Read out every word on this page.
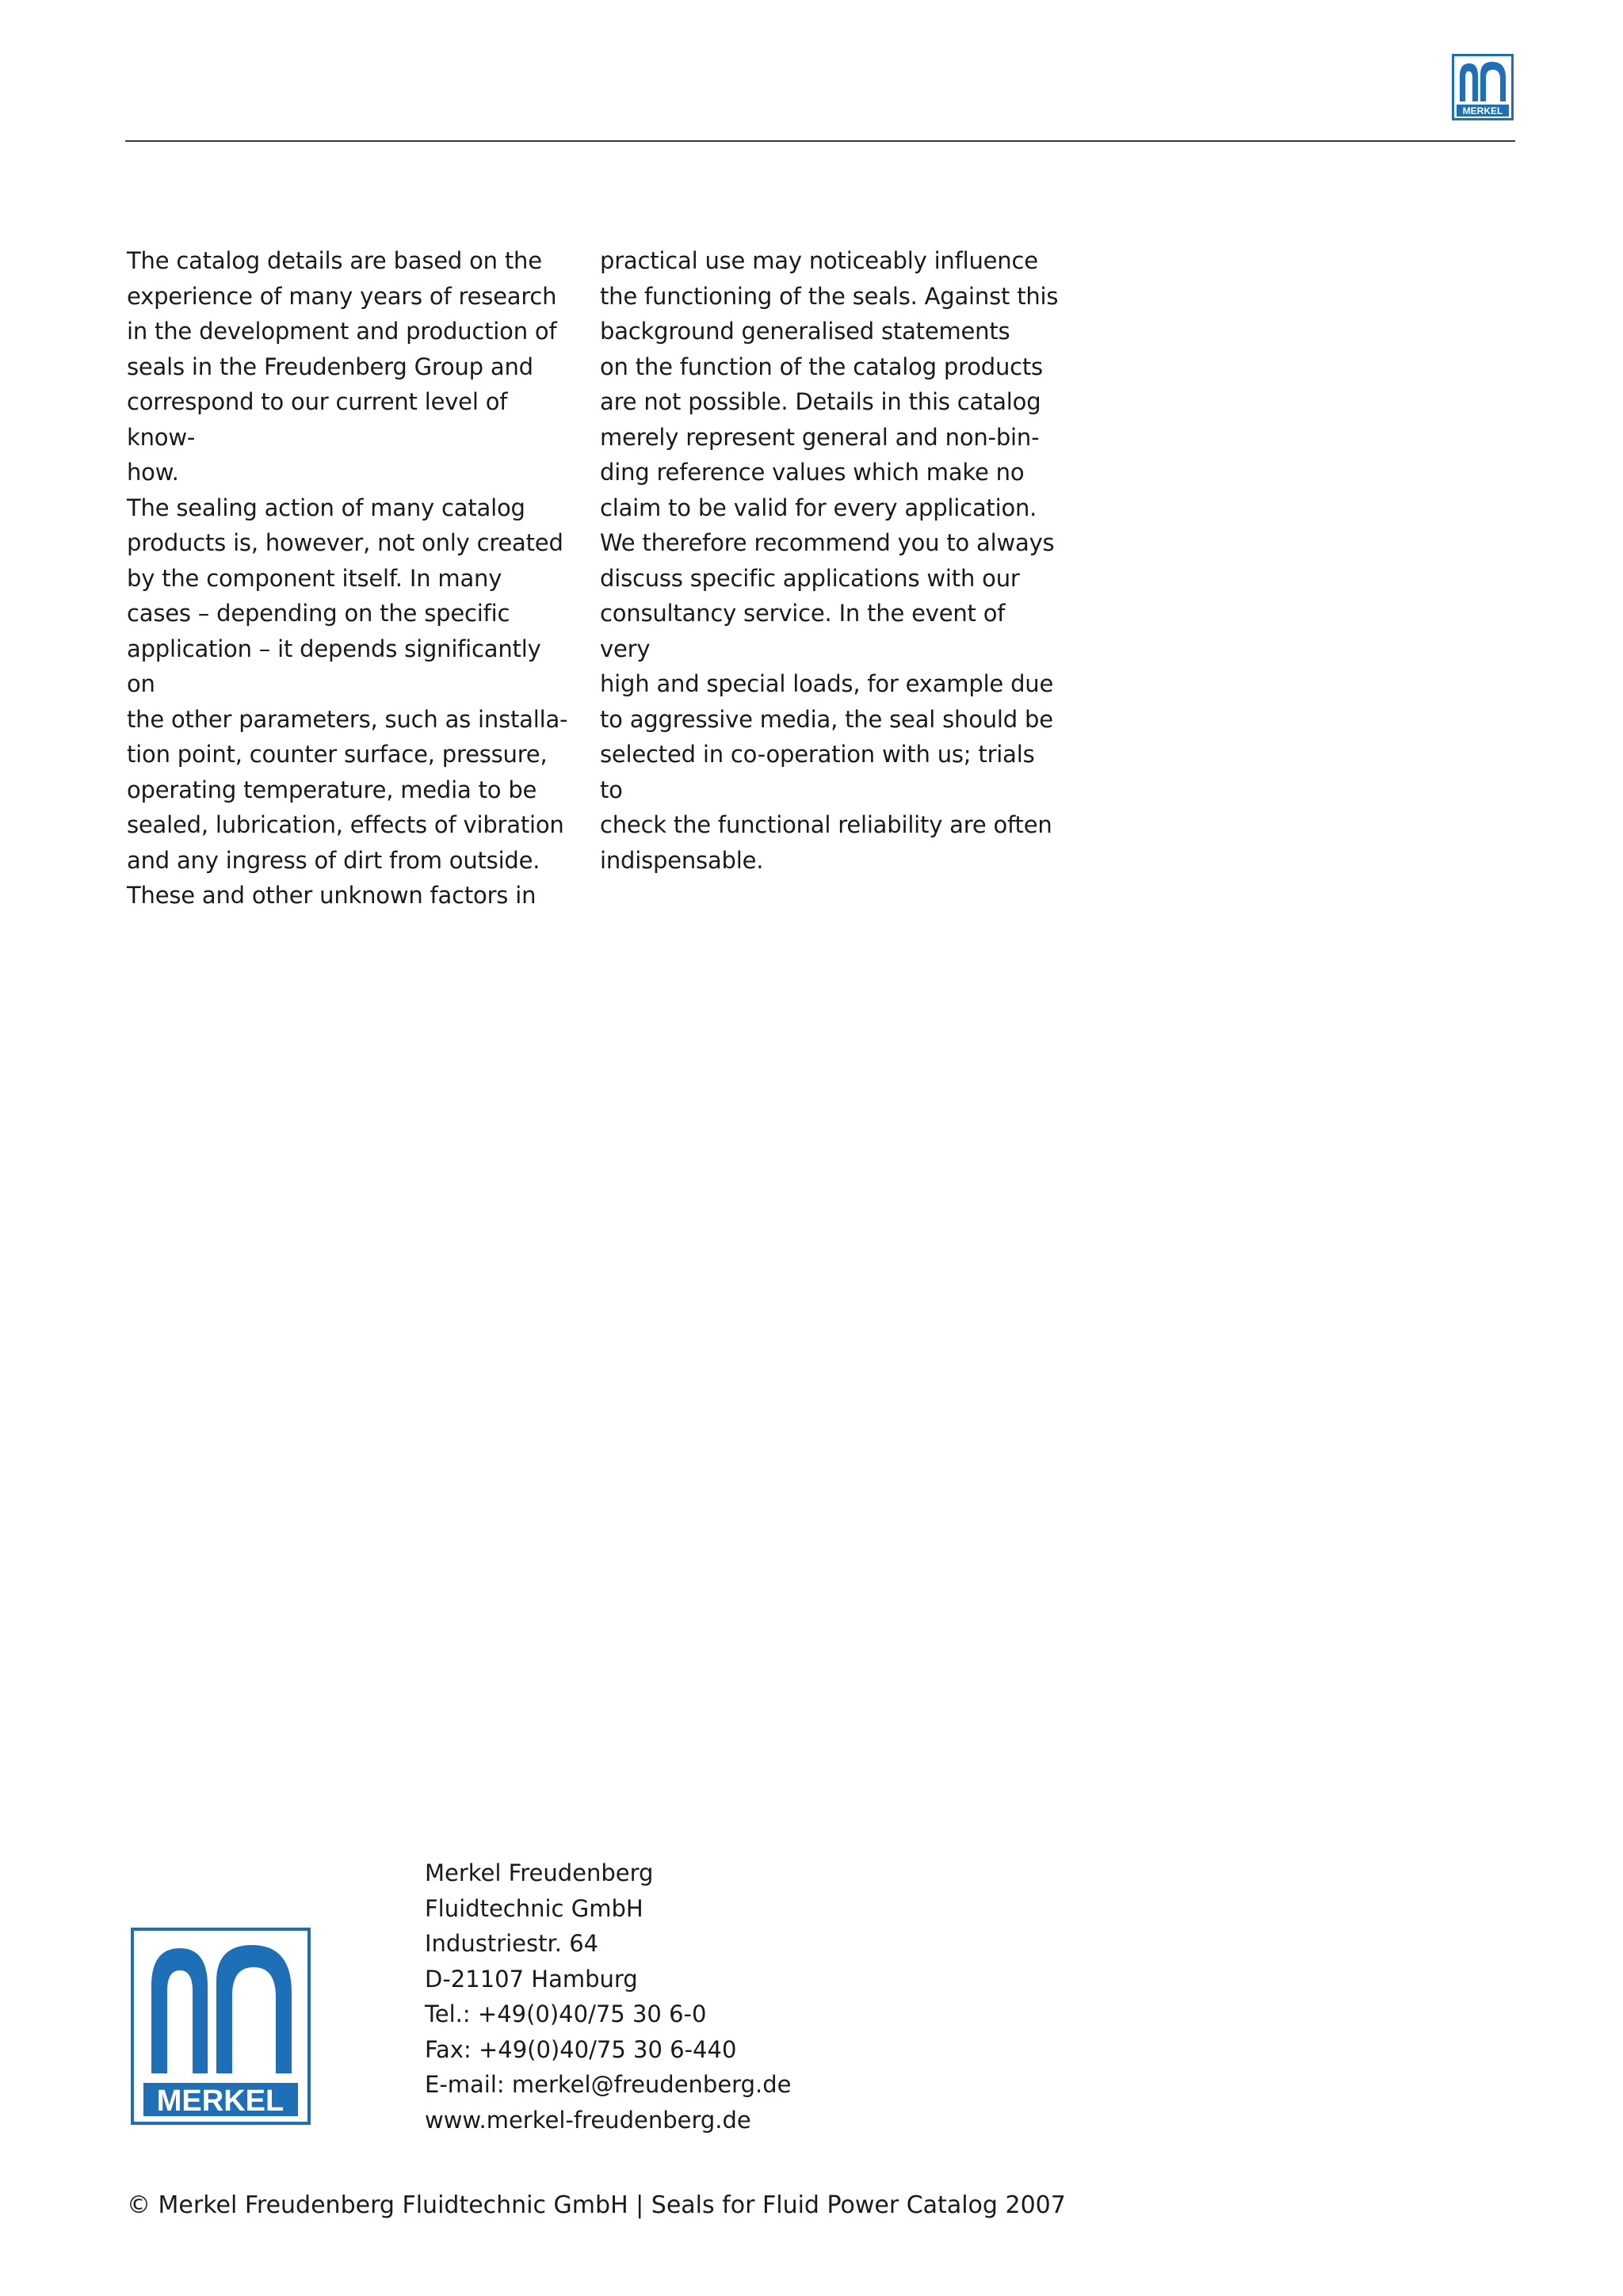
MERKEL

The catalog details are based on the

experience of many years of research

in the development and production of

seals in the Freudenberg Group and

correspond to our current level of know-

how.

The sealing action of many catalog

products is, however, not only created

by the component itself. In many

cases – depending on the specific

application – it depends significantly on

the other parameters, such as installa-

tion point, counter surface, pressure,

operating temperature, media to be

sealed, lubrication, effects of vibration

and any ingress of dirt from outside.

These and other unknown factors in

practical use may noticeably influence

the functioning of the seals. Against this

background generalised statements

on the function of the catalog products

are not possible. Details in this catalog

merely represent general and non-bin-

ding reference values which make no

claim to be valid for every application.

We therefore recommend you to always

discuss specific applications with our

consultancy service. In the event of very

high and special loads, for example due

to aggressive media, the seal should be

selected in co-operation with us; trials to

check the functional reliability are often

indispensable.

MERKEL
Merkel Freudenberg
Fluidtechnic GmbH
Industriestr. 64
D-21107 Hamburg
Tel.: +49(0)40/75 30 6-0
Fax: +49(0)40/75 30 6-440
E-mail: merkel@freudenberg.de
www.merkel-freudenberg.de
© Merkel Freudenberg Fluidtechnic GmbH | Seals for Fluid Power Catalog 2007
